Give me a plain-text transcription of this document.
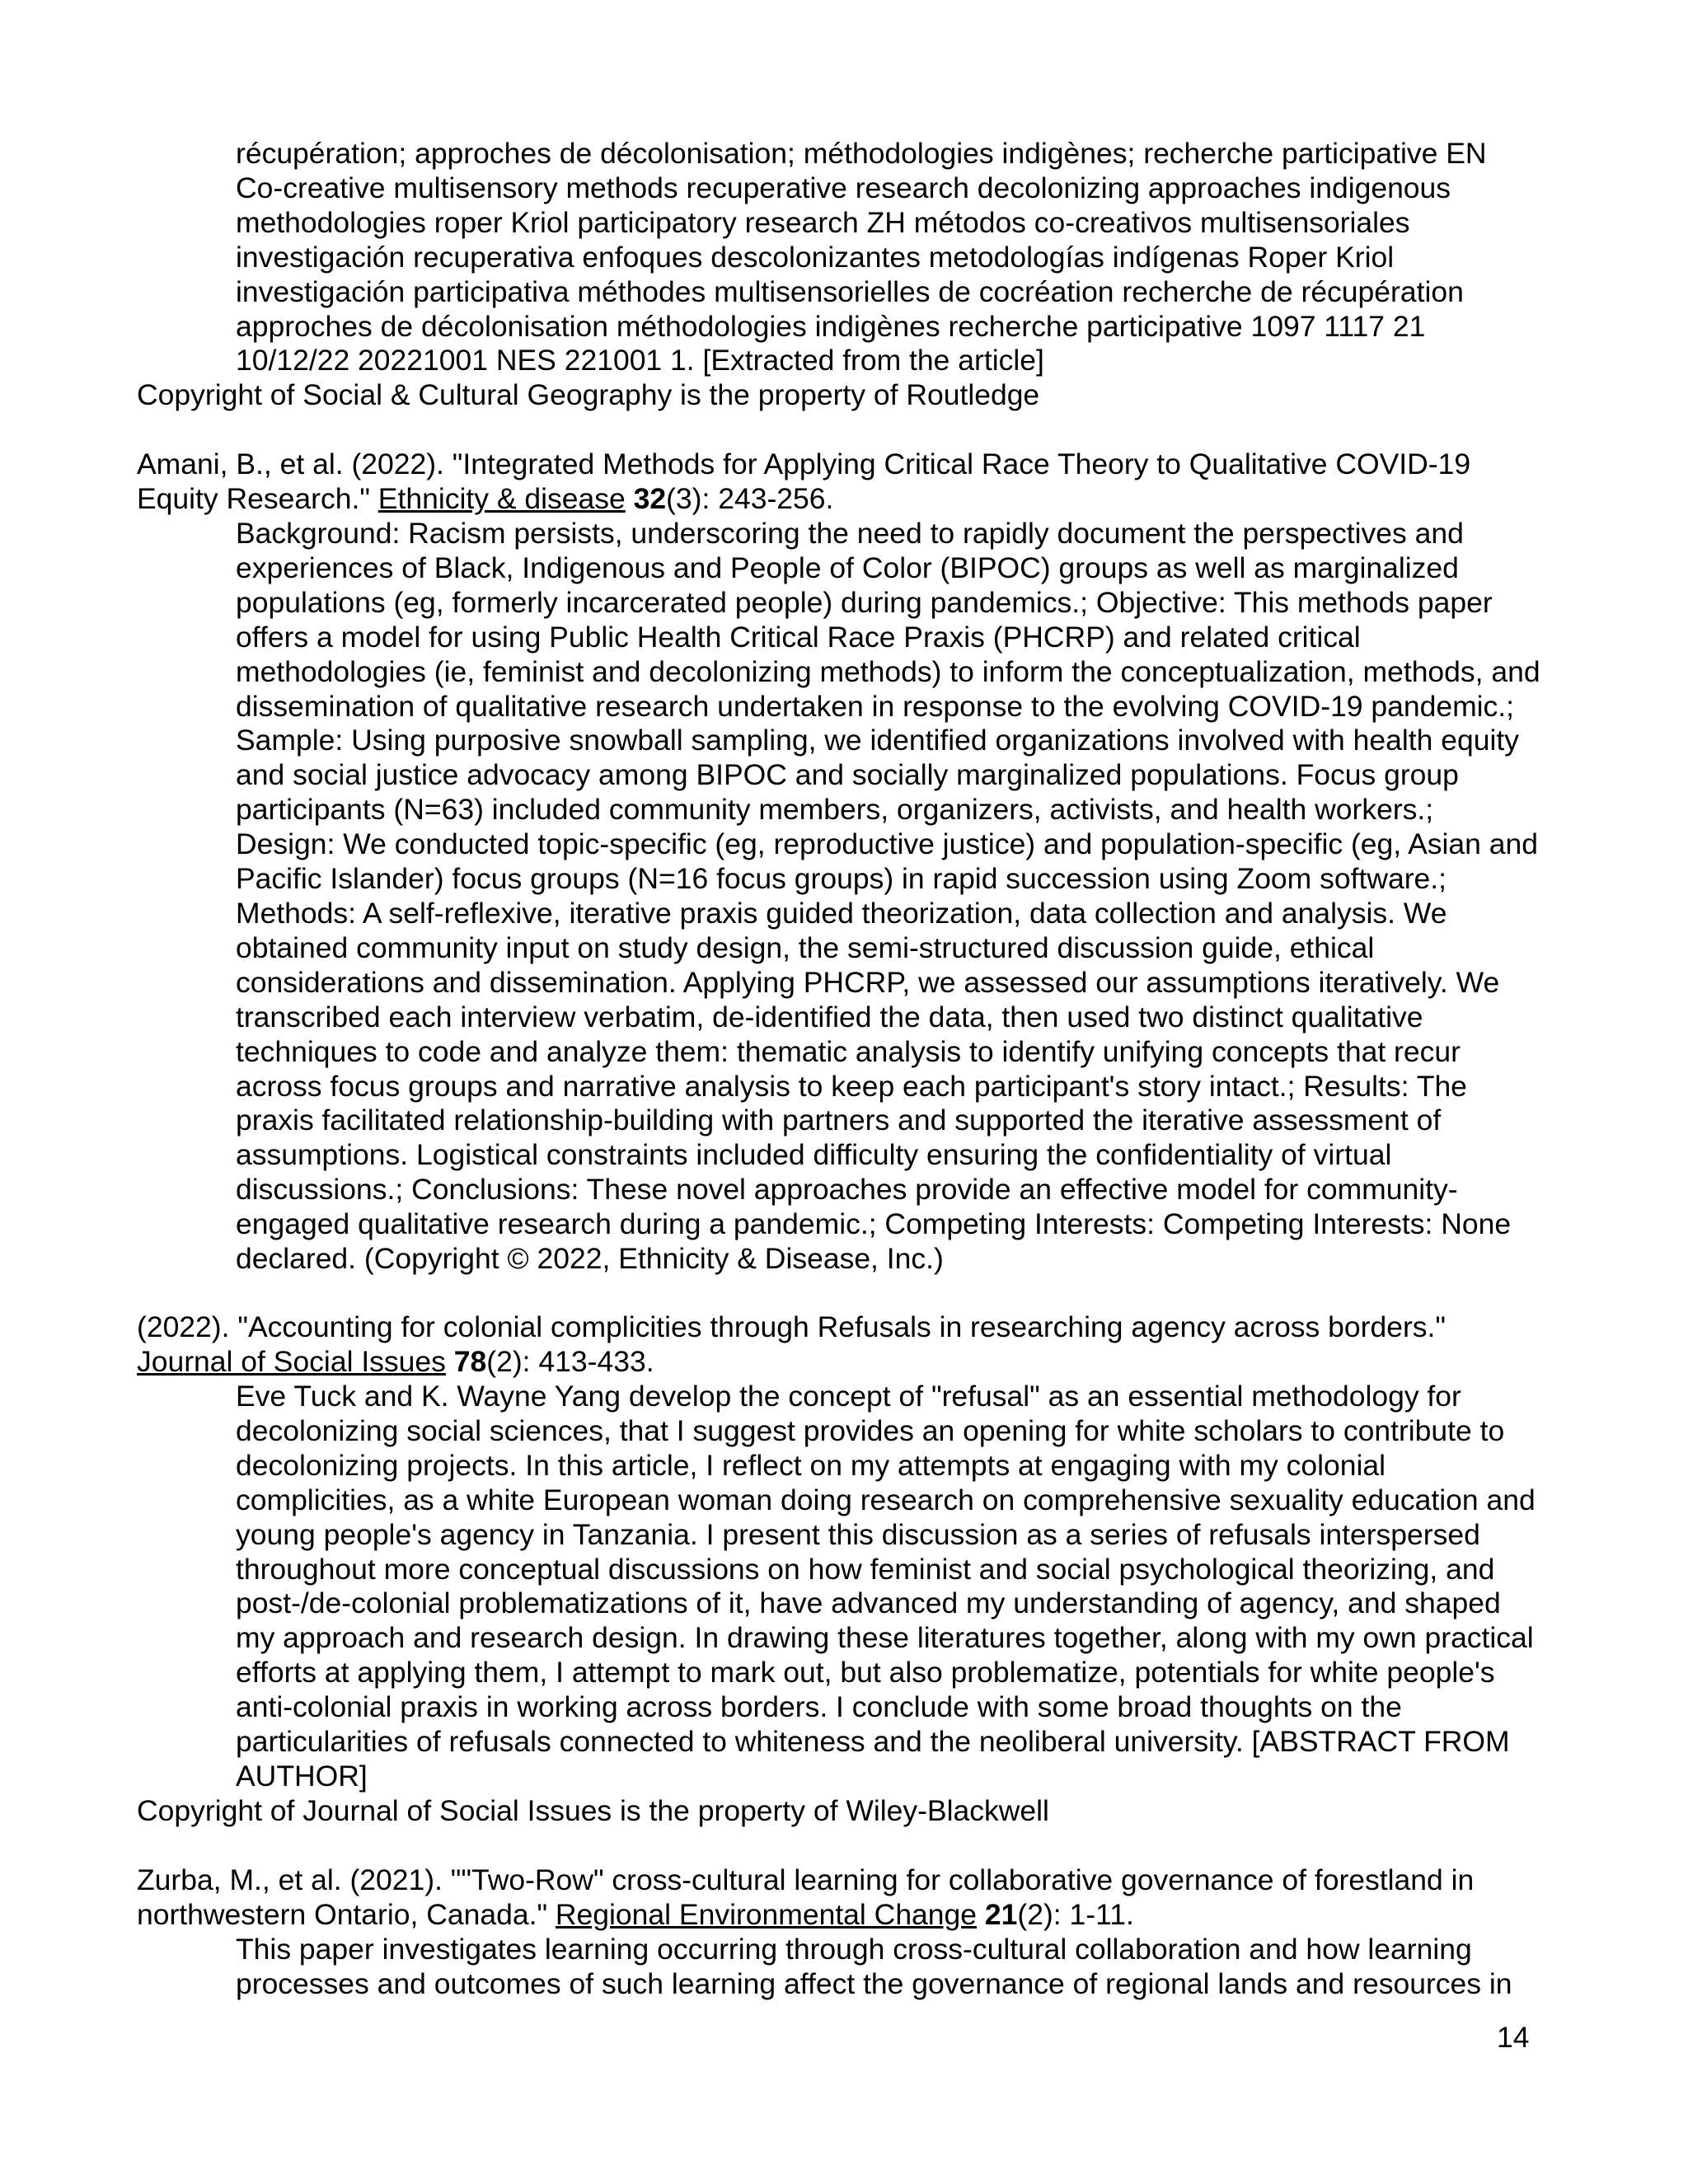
récupération; approches de décolonisation; méthodologies indigènes; recherche participative EN
Co-creative multisensory methods recuperative research decolonizing approaches indigenous
methodologies roper Kriol participatory research ZH métodos co-creativos multisensoriales
investigación recuperativa enfoques descolonizantes metodologías indígenas Roper Kriol
investigación participativa méthodes multisensorielles de cocréation recherche de récupération
approches de décolonisation méthodologies indigènes recherche participative 1097 1117 21
10/12/22 20221001 NES 221001 1. [Extracted from the article]
Copyright of Social & Cultural Geography is the property of Routledge
Amani, B., et al. (2022). "Integrated Methods for Applying Critical Race Theory to Qualitative COVID-19
Equity Research." Ethnicity & disease 32(3): 243-256.
Background: Racism persists, underscoring the need to rapidly document the perspectives and
experiences of Black, Indigenous and People of Color (BIPOC) groups as well as marginalized
populations (eg, formerly incarcerated people) during pandemics.; Objective: This methods paper
offers a model for using Public Health Critical Race Praxis (PHCRP) and related critical
methodologies (ie, feminist and decolonizing methods) to inform the conceptualization, methods, and
dissemination of qualitative research undertaken in response to the evolving COVID-19 pandemic.;
Sample: Using purposive snowball sampling, we identified organizations involved with health equity
and social justice advocacy among BIPOC and socially marginalized populations. Focus group
participants (N=63) included community members, organizers, activists, and health workers.;
Design: We conducted topic-specific (eg, reproductive justice) and population-specific (eg, Asian and
Pacific Islander) focus groups (N=16 focus groups) in rapid succession using Zoom software.;
Methods: A self-reflexive, iterative praxis guided theorization, data collection and analysis. We
obtained community input on study design, the semi-structured discussion guide, ethical
considerations and dissemination. Applying PHCRP, we assessed our assumptions iteratively. We
transcribed each interview verbatim, de-identified the data, then used two distinct qualitative
techniques to code and analyze them: thematic analysis to identify unifying concepts that recur
across focus groups and narrative analysis to keep each participant's story intact.; Results: The
praxis facilitated relationship-building with partners and supported the iterative assessment of
assumptions. Logistical constraints included difficulty ensuring the confidentiality of virtual
discussions.; Conclusions: These novel approaches provide an effective model for community-
engaged qualitative research during a pandemic.; Competing Interests: Competing Interests: None
declared. (Copyright © 2022, Ethnicity & Disease, Inc.)
(2022). "Accounting for colonial complicities through Refusals in researching agency across borders."
Journal of Social Issues 78(2): 413-433.
Eve Tuck and K. Wayne Yang develop the concept of "refusal" as an essential methodology for
decolonizing social sciences, that I suggest provides an opening for white scholars to contribute to
decolonizing projects. In this article, I reflect on my attempts at engaging with my colonial
complicities, as a white European woman doing research on comprehensive sexuality education and
young people's agency in Tanzania. I present this discussion as a series of refusals interspersed
throughout more conceptual discussions on how feminist and social psychological theorizing, and
post-/de-colonial problematizations of it, have advanced my understanding of agency, and shaped
my approach and research design. In drawing these literatures together, along with my own practical
efforts at applying them, I attempt to mark out, but also problematize, potentials for white people's
anti-colonial praxis in working across borders. I conclude with some broad thoughts on the
particularities of refusals connected to whiteness and the neoliberal university. [ABSTRACT FROM
AUTHOR]
Copyright of Journal of Social Issues is the property of Wiley-Blackwell
Zurba, M., et al. (2021). ""Two-Row" cross-cultural learning for collaborative governance of forestland in
northwestern Ontario, Canada." Regional Environmental Change 21(2): 1-11.
This paper investigates learning occurring through cross-cultural collaboration and how learning
processes and outcomes of such learning affect the governance of regional lands and resources in
14
